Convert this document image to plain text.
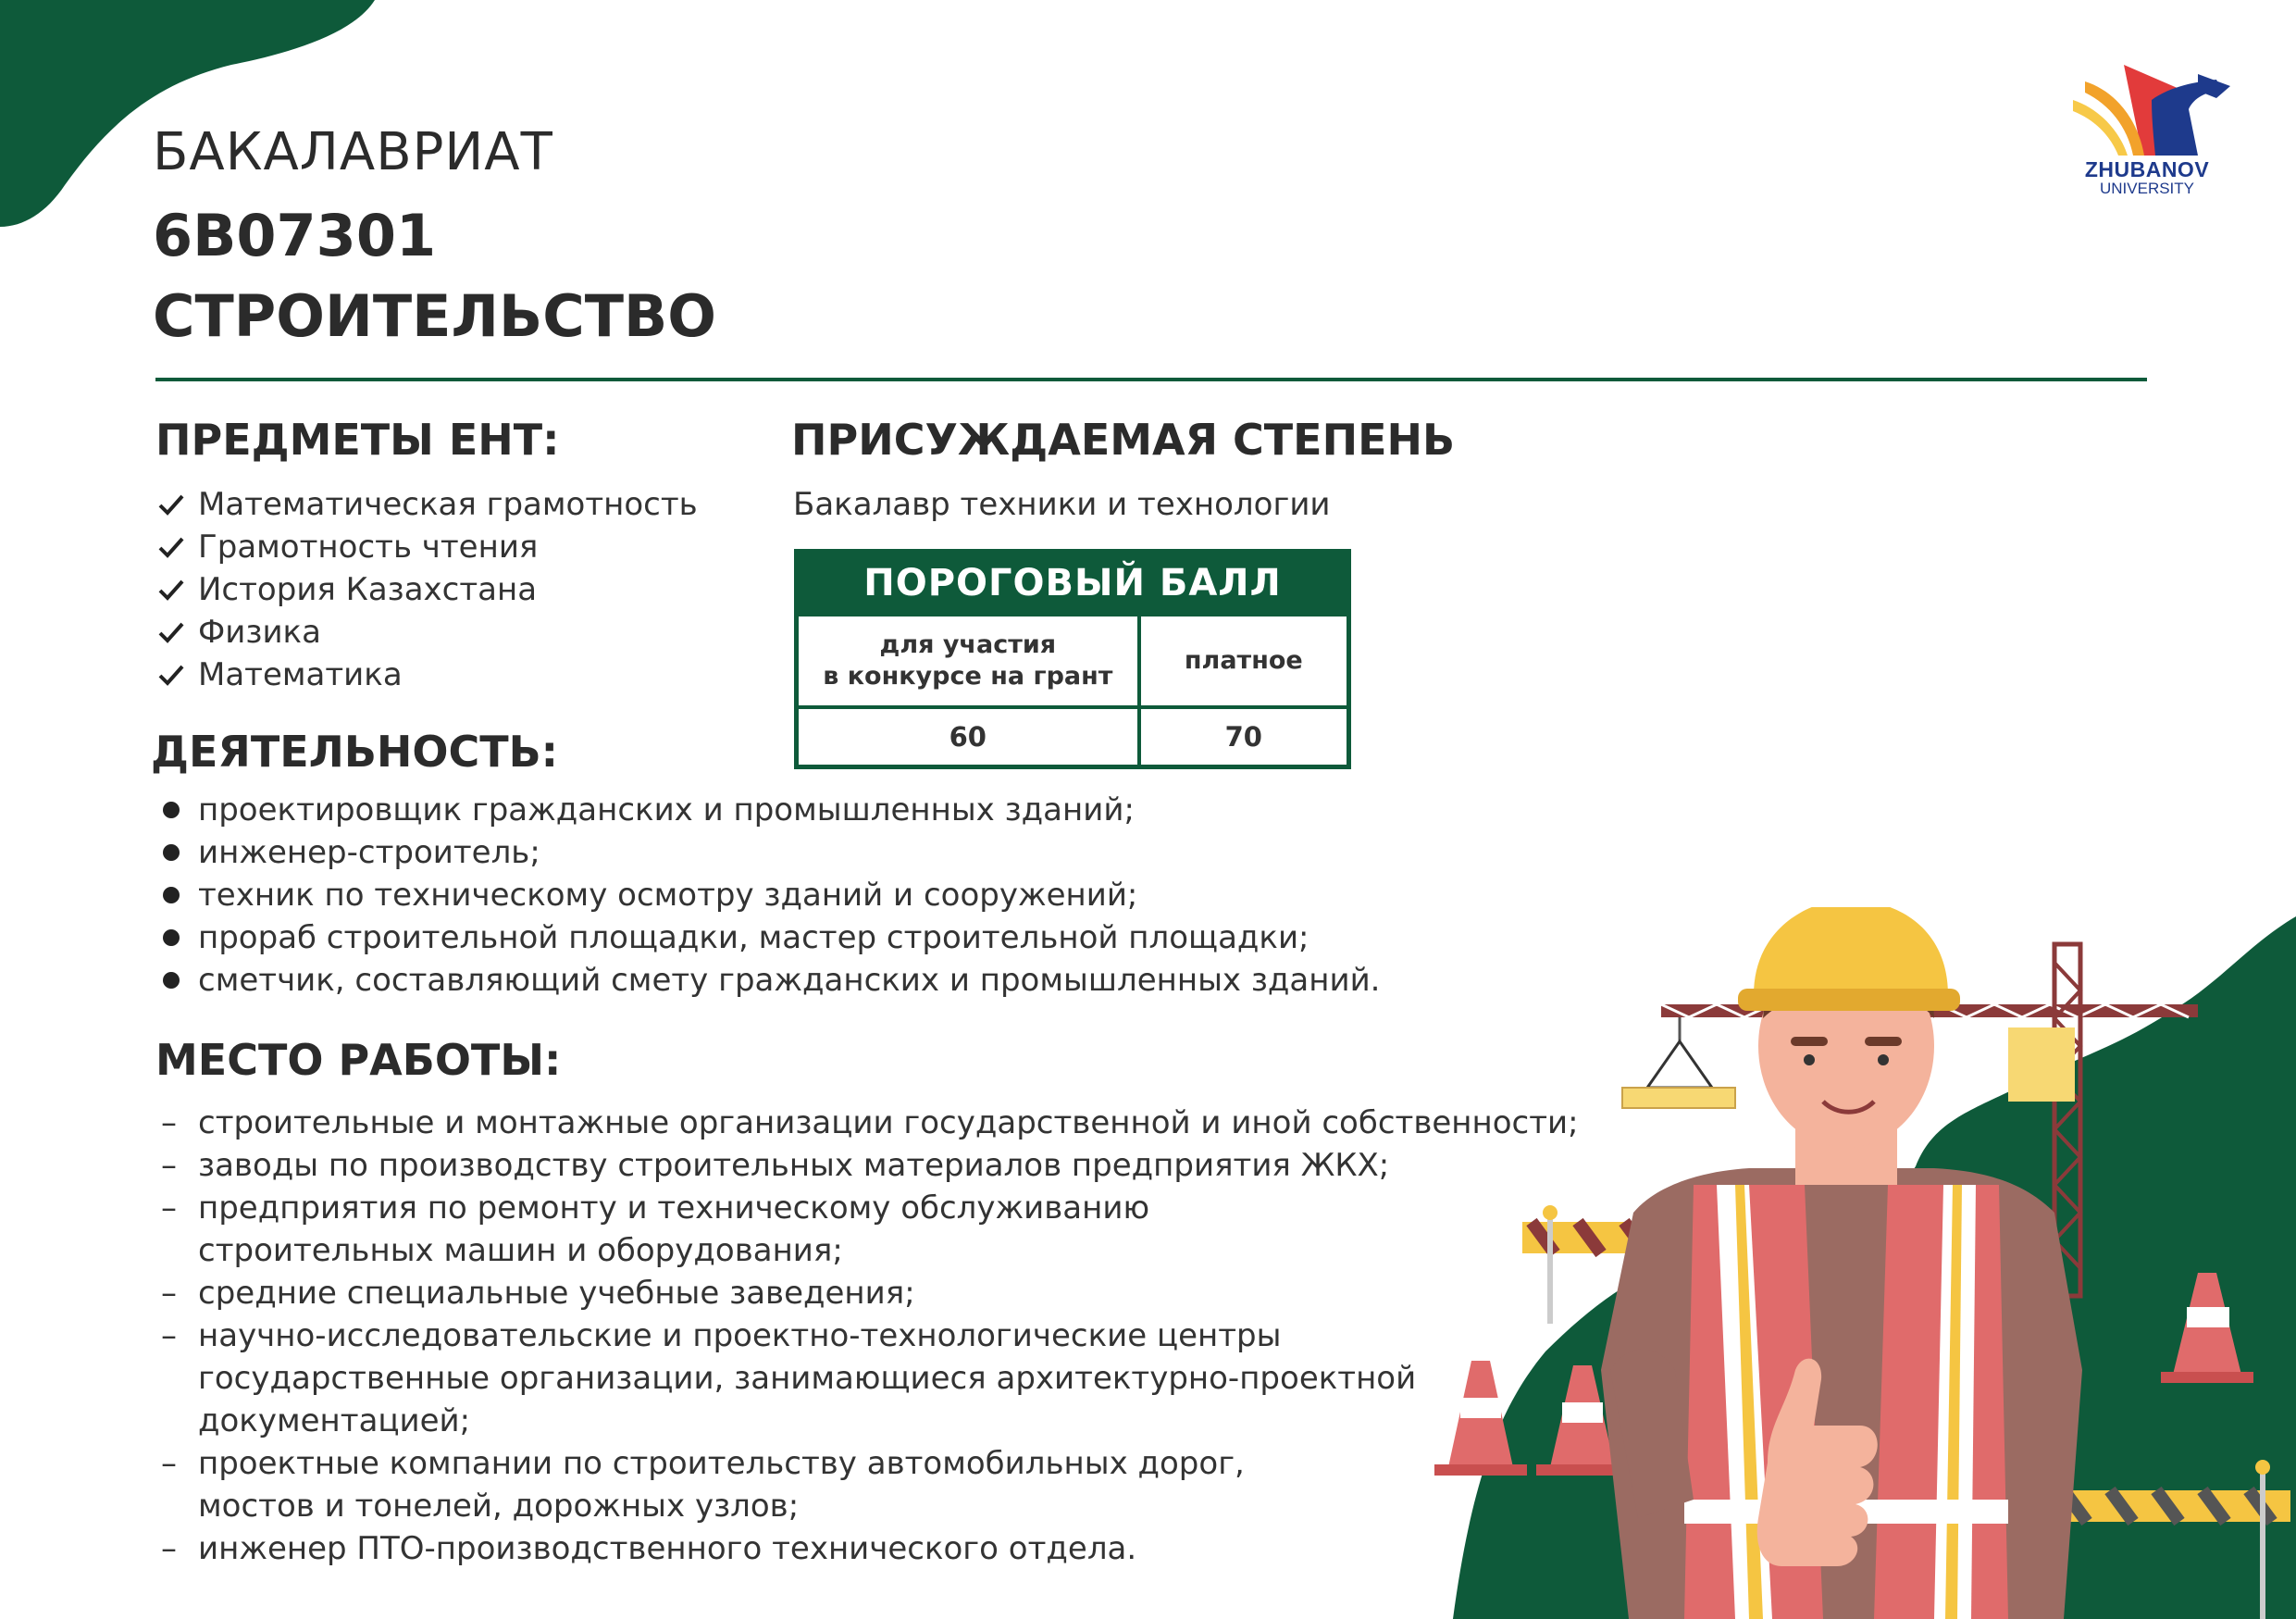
ZHUBANOV
UNIVERSITY
БАКАЛАВРИАТ
6В07301
СТРОИТЕЛЬСТВО
ПРЕДМЕТЫ ЕНТ:
Математическая грамотность
Грамотность чтения
История Казахстана
Физика
Математика
ПРИСУЖДАЕМАЯ СТЕПЕНЬ
Бакалавр техники и технологии
ПОРОГОВЫЙ БАЛЛ	

для участия
в конкурсе на грант	платное
60	70
ДЕЯТЕЛЬНОСТЬ:
проектировщик гражданских и промышленных зданий;
инженер-строитель;
техник по техническому осмотру зданий и сооружений;
прораб строительной площадки, мастер строительной площадки;
сметчик, составляющий смету гражданских и промышленных зданий.
МЕСТО РАБОТЫ:
– строительные и монтажные организации государственной и иной собственности;
– заводы по производству строительных материалов предприятия ЖКХ;
– предприятия по ремонту и техническому обслуживанию
строительных машин и оборудования;
– средние специальные учебные заведения;
– научно-исследовательские и проектно-технологические центры
государственные организации, занимающиеся архитектурно-проектной
документацией;
– проектные компании по строительству автомобильных дорог,
мостов и тонелей, дорожных узлов;
– инженер ПТО-производственного технического отдела.
